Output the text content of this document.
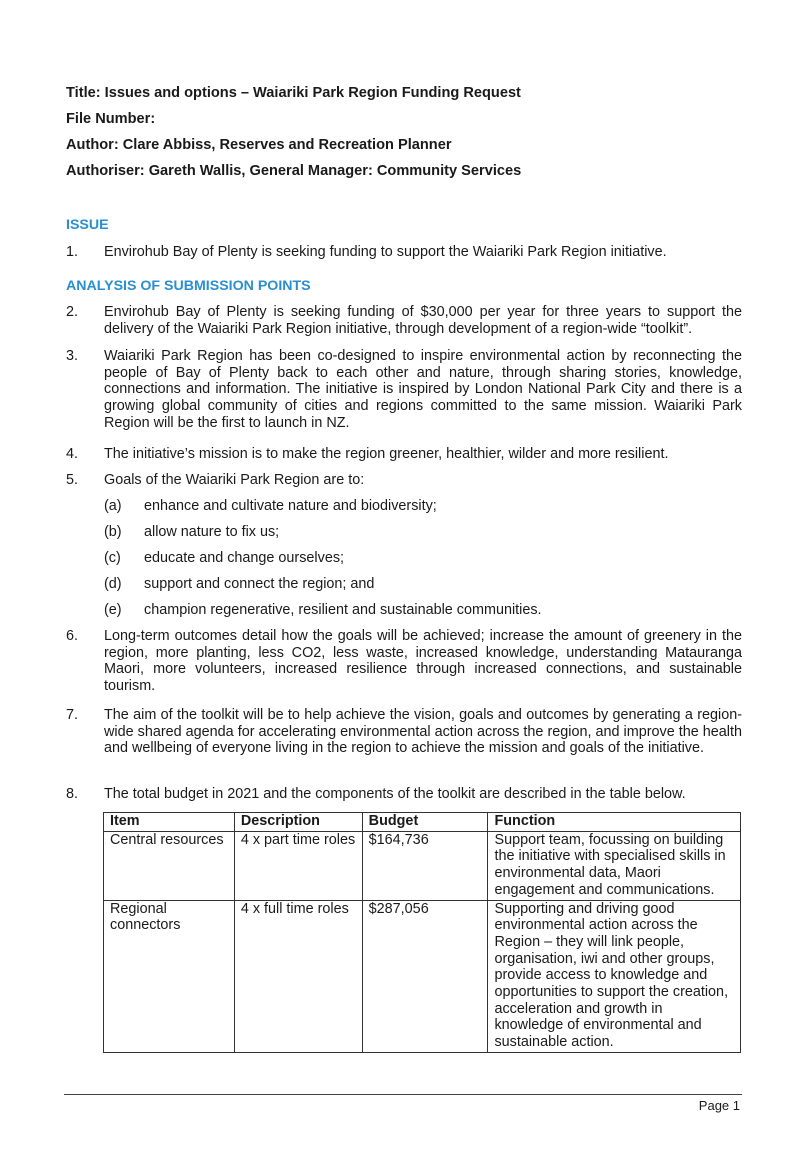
Title: Issues and options – Waiariki Park Region Funding Request

File Number:

Author: Clare Abbiss, Reserves and Recreation Planner

Authoriser: Gareth Wallis, General Manager: Community Services

ISSUE
1. Envirohub Bay of Plenty is seeking funding to support the Waiariki Park Region initiative.
ANALYSIS OF SUBMISSION POINTS
2. Envirohub Bay of Plenty is seeking funding of $30,000 per year for three years to support the delivery of the Waiariki Park Region initiative, through development of a region-wide “toolkit”.
3. Waiariki Park Region has been co-designed to inspire environmental action by reconnecting the people of Bay of Plenty back to each other and nature, through sharing stories, knowledge, connections and information. The initiative is inspired by London National Park City and there is a growing global community of cities and regions committed to the same mission. Waiariki Park Region will be the first to launch in NZ.
4. The initiative’s mission is to make the region greener, healthier, wilder and more resilient.
5. Goals of the Waiariki Park Region are to:
(a) enhance and cultivate nature and biodiversity;
(b) allow nature to fix us;
(c) educate and change ourselves;
(d) support and connect the region; and
(e) champion regenerative, resilient and sustainable communities.
6. Long-term outcomes detail how the goals will be achieved; increase the amount of greenery in the region, more planting, less CO2, less waste, increased knowledge, understanding Matauranga Maori, more volunteers, increased resilience through increased connections, and sustainable tourism.
7. The aim of the toolkit will be to help achieve the vision, goals and outcomes by generating a region-wide shared agenda for accelerating environmental action across the region, and improve the health and wellbeing of everyone living in the region to achieve the mission and goals of the initiative.
8. The total budget in 2021 and the components of the toolkit are described in the table below.
Item	Description	Budget	Function
Central resources	4 x part time roles	$164,736	Support team, focussing on building the initiative with specialised skills in environmental data, Maori engagement and communications.
Regional connectors	4 x full time roles	$287,056	Supporting and driving good environmental action across the Region – they will link people, organisation, iwi and other groups, provide access to knowledge and opportunities to support the creation, acceleration and growth in knowledge of environmental and sustainable action.
Page 1
